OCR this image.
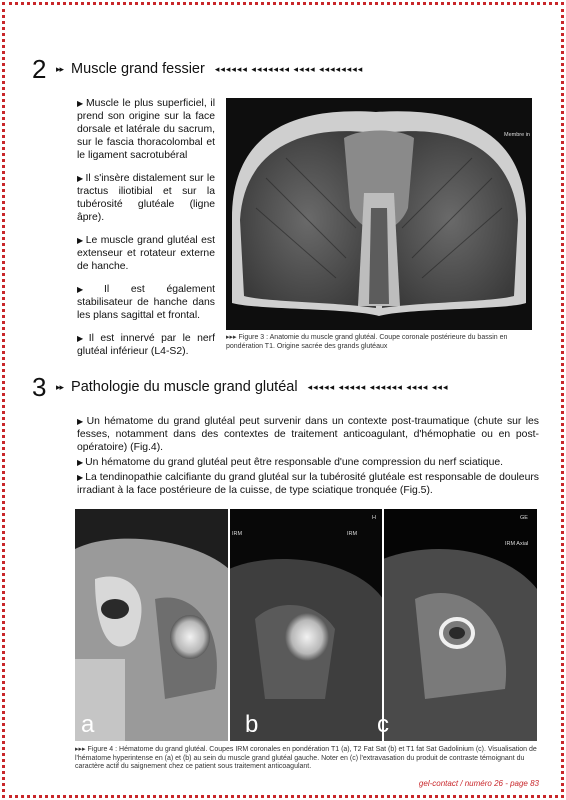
2	▸▸ Muscle grand fessier ◂◂◂◂◂◂ ◂◂◂◂◂◂◂ ◂◂◂◂ ◂◂◂◂◂◂◂◂

▶ Muscle le plus superficiel, il prend son origine sur la face dorsale et latérale du sacrum, sur le fascia thoracolombal et le ligament sacrotubéral

▶ Il s'insère distalement sur le tractus iliotibial et sur la tubérosité glutéale (ligne âpre).

▶ Le muscle grand glutéal est extenseur et rotateur externe de hanche.

▶ Il est également stabilisateur de hanche dans les plans sagittal et frontal.

▶ Il est innervé par le nerf glutéal inférieur (L4-S2).

Membre in
▸▸▸ Figure 3 : Anatomie du muscle grand glutéal. Coupe coronale postérieure du bassin en pondération T1. Origine sacrée des grands glutéaux
3	▸▸ Pathologie du muscle grand glutéal ◂◂◂◂◂ ◂◂◂◂◂ ◂◂◂◂◂◂ ◂◂◂◂ ◂◂◂

▶ Un hématome du grand glutéal peut survenir dans un contexte post-traumatique (chute sur les fesses, notamment dans des contextes de traitement anticoagulant, d'hémophatie ou en post-opératoire) (Fig.4).

▶ Un hématome du grand glutéal peut être responsable d'une compression du nerf sciatique.

▶ La tendinopathie calcifiante du grand glutéal sur la tubérosité glutéale est responsable de douleurs irradiant à la face postérieure de la cuisse, de type sciatique tronquée (Fig.5).

IRM	IRM
H
IRM Axial
GE
a	b	c
▸▸▸ Figure 4 : Hématome du grand glutéal. Coupes IRM coronales en pondération T1 (a), T2 Fat Sat (b) et T1 fat Sat Gadolinium (c). Visualisation de l'hématome hyperintense en (a) et (b) au sein du muscle grand glutéal gauche. Noter en (c) l'extravasation du produit de contraste témoignant du caractère actif du saignement chez ce patient sous traitement anticoagulant.
gel-contact / numéro 26 - page 83
